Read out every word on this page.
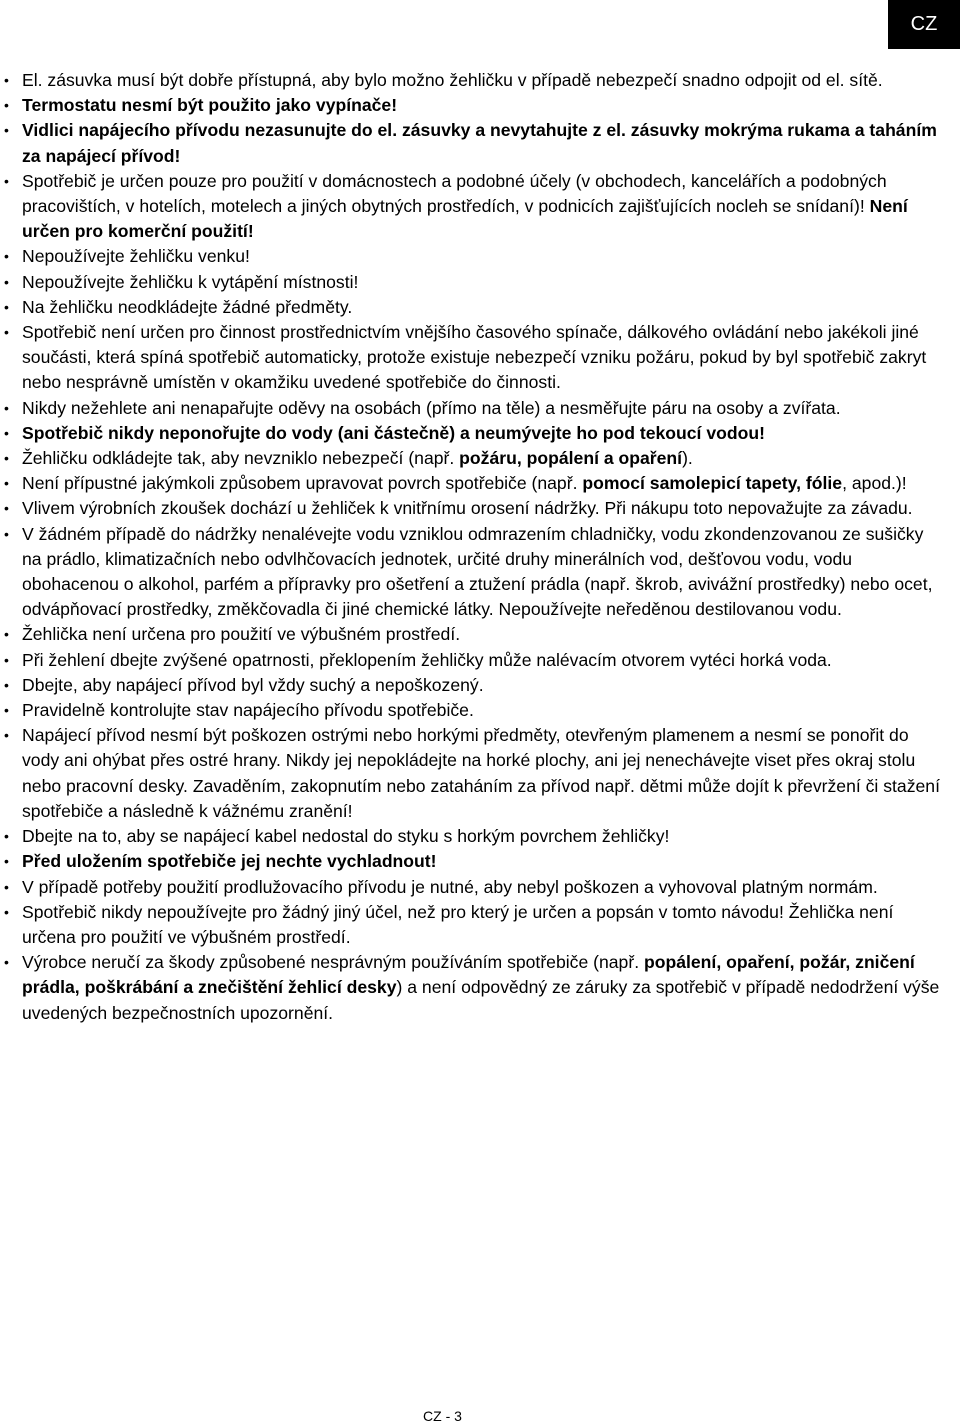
CZ
• El. zásuvka musí být dobře přístupná, aby bylo možno žehličku v případě nebezpečí snadno odpojit od el. sítě.
• Termostatu nesmí být použito jako vypínače!
• Vidlici napájecího přívodu nezasunujte do el. zásuvky a nevytahujte z el. zásuvky mokrýma rukama a taháním za napájecí přívod!
• Spotřebič je určen pouze pro použití v domácnostech a podobné účely (v obchodech, kancelářích a podobných pracovištích, v hotelích, motelech a jiných obytných prostředích, v podnicích zajišťujících nocleh se snídaní)! Není určen pro komerční použití!
• Nepoužívejte žehličku venku!
• Nepoužívejte žehličku k vytápění místnosti!
• Na žehličku neodkládejte žádné předměty.
• Spotřebič není určen pro činnost prostřednictvím vnějšího časového spínače, dálkového ovládání nebo jakékoli jiné součásti, která spíná spotřebič automaticky, protože existuje nebezpečí vzniku požáru, pokud by byl spotřebič zakryt nebo nesprávně umístěn v okamžiku uvedené spotřebiče do činnosti.
• Nikdy nežehlete ani nenapařujte oděvy na osobách (přímo na těle) a nesměřujte páru na osoby a zvířata.
• Spotřebič nikdy neponořujte do vody (ani částečně) a neumývejte ho pod tekoucí vodou!
• Žehličku odkládejte tak, aby nevzniklo nebezpečí (např. požáru, popálení a opaření).
• Není přípustné jakýmkoli způsobem upravovat povrch spotřebiče (např. pomocí samolepicí tapety, fólie, apod.)!
• Vlivem výrobních zkoušek dochází u žehliček k vnitřnímu orosení nádržky. Při nákupu toto nepovažujte za závadu.
• V žádném případě do nádržky nenalévejte vodu vzniklou odmrazením chladničky, vodu zkondenzovanou ze sušičky na prádlo, klimatizačních nebo odvlhčovacích jednotek, určité druhy minerálních vod, dešťovou vodu, vodu obohacenou o alkohol, parfém a přípravky pro ošetření a ztužení prádla (např. škrob, avivážní prostředky) nebo ocet, odvápňovací prostředky, změkčovadla či jiné chemické látky. Nepoužívejte neředěnou destilovanou vodu.
• Žehlička není určena pro použití ve výbušném prostředí.
• Při žehlení dbejte zvýšené opatrnosti, překlopením žehličky může nalévacím otvorem vytéci horká voda.
• Dbejte, aby napájecí přívod byl vždy suchý a nepoškozený.
• Pravidelně kontrolujte stav napájecího přívodu spotřebiče.
• Napájecí přívod nesmí být poškozen ostrými nebo horkými předměty, otevřeným plamenem a nesmí se ponořit do vody ani ohýbat přes ostré hrany. Nikdy jej nepokládejte na horké plochy, ani jej nenechávejte viset přes okraj stolu nebo pracovní desky. Zavaděním, zakopnutím nebo zataháním za přívod např. dětmi může dojít k převržení či stažení spotřebiče a následně k vážnému zranění!
• Dbejte na to, aby se napájecí kabel nedostal do styku s horkým povrchem žehličky!
• Před uložením spotřebiče jej nechte vychladnout!
• V případě potřeby použití prodlužovacího přívodu je nutné, aby nebyl poškozen a vyhovoval platným normám.
• Spotřebič nikdy nepoužívejte pro žádný jiný účel, než pro který je určen a popsán v tomto návodu! Žehlička není určena pro použití ve výbušném prostředí.
• Výrobce neručí za škody způsobené nesprávným používáním spotřebiče (např. popálení, opaření, požár, zničení prádla, poškrábání a znečištění žehlicí desky) a není odpovědný ze záruky za spotřebič v případě nedodržení výše uvedených bezpečnostních upozornění.
CZ - 3
